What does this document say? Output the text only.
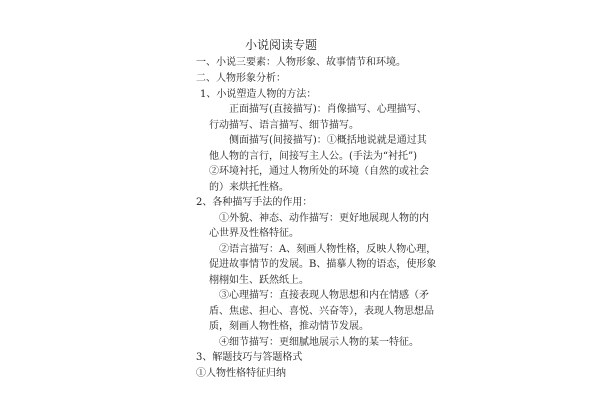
小说阅读专题
一、小说三要素：人物形象、故事情节和环境。
二、人物形象分析：
1、小说塑造人物的方法：
正面描写(直接描写)：肖像描写、心理描写、
行动描写、语言描写、细节描写。
侧面描写(间接描写)：①概括地说就是通过其
他人物的言行，间接写主人公。(手法为“衬托”)
②环境衬托，通过人物所处的环境（自然的或社会
的）来烘托性格。
2、各种描写手法的作用：
①外貌、神态、动作描写：更好地展现人物的内
心世界及性格特征。
②语言描写：A、刻画人物性格，反映人物心理，
促进故事情节的发展。B、描摹人物的语态，使形象
栩栩如生、跃然纸上。
③心理描写：直接表现人物思想和内在情感（矛
盾、焦虑、担心、喜悦、兴奋等），表现人物思想品
质，刻画人物性格，推动情节发展。
④细节描写：更细腻地展示人物的某一特征。
3、解题技巧与答题格式
①人物性格特征归纳
